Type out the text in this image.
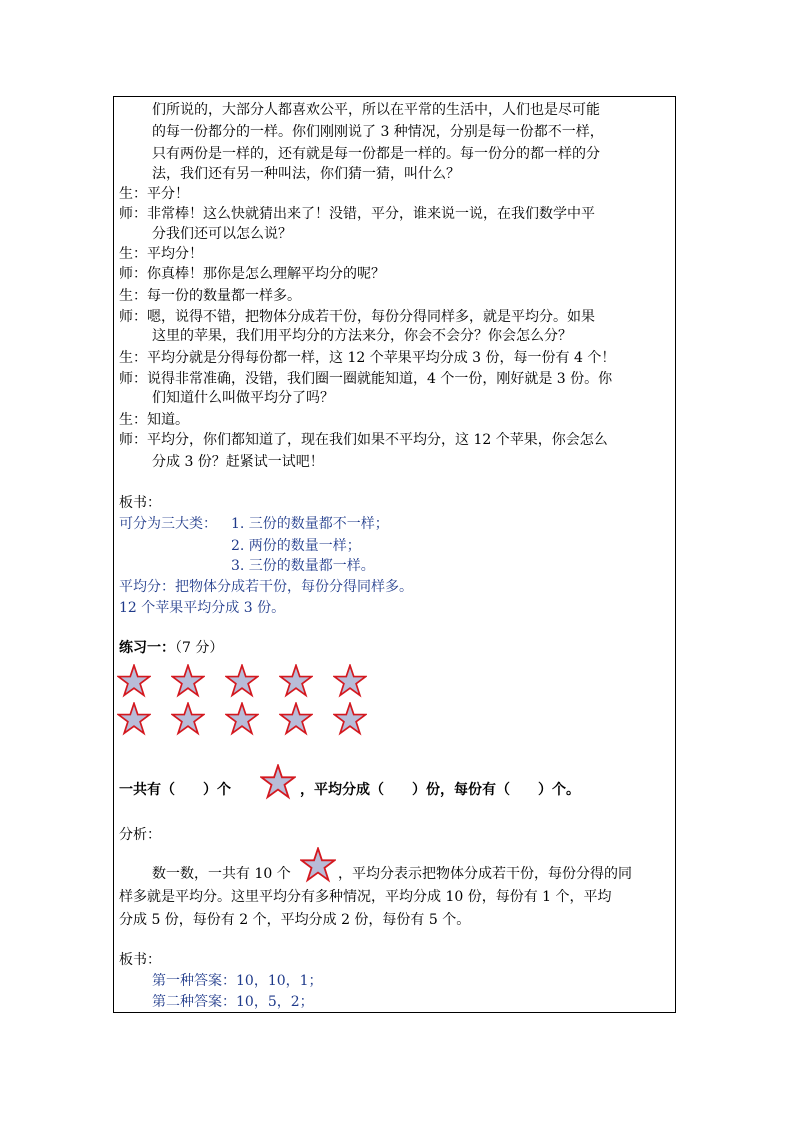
们所说的，大部分人都喜欢公平，所以在平常的生活中，人们也是尽可能
的每一份都分的一样。你们刚刚说了 3 种情况，分别是每一份都不一样，
只有两份是一样的，还有就是每一份都是一样的。每一份分的都一样的分
法，我们还有另一种叫法，你们猜一猜，叫什么？
生：平分！
师：非常棒！这么快就猜出来了！没错，平分，谁来说一说，在我们数学中平
分我们还可以怎么说？
生：平均分！
师：你真棒！那你是怎么理解平均分的呢？
生：每一份的数量都一样多。
师：嗯，说得不错，把物体分成若干份，每份分得同样多，就是平均分。如果
这里的苹果，我们用平均分的方法来分，你会不会分？你会怎么分？
生：平均分就是分得每份都一样，这 12 个苹果平均分成 3 份，每一份有 4 个！
师：说得非常准确，没错，我们圈一圈就能知道，4 个一份，刚好就是 3 份。你
们知道什么叫做平均分了吗？
生：知道。
师：平均分，你们都知道了，现在我们如果不平均分，这 12 个苹果，你会怎么
分成 3 份？赶紧试一试吧！
板书：
可分为三大类： 1. 三份的数量都不一样；
2. 两份的数量一样；
3. 三份的数量都一样。
平均分：把物体分成若干份，每份分得同样多。
12 个苹果平均分成 3 份。
练习一：（7 分）
一共有（　　）个	，平均分成（　　）份，每份有（　　）个。
分析：
数一数，一共有 10 个	，平均分表示把物体分成若干份，每份分得的同
样多就是平均分。这里平均分有多种情况，平均分成 10 份，每份有 1 个，平均
分成 5 份，每份有 2 个，平均分成 2 份，每份有 5 个。
板书：
第一种答案：10，10，1；
第二种答案：10，5，2；
